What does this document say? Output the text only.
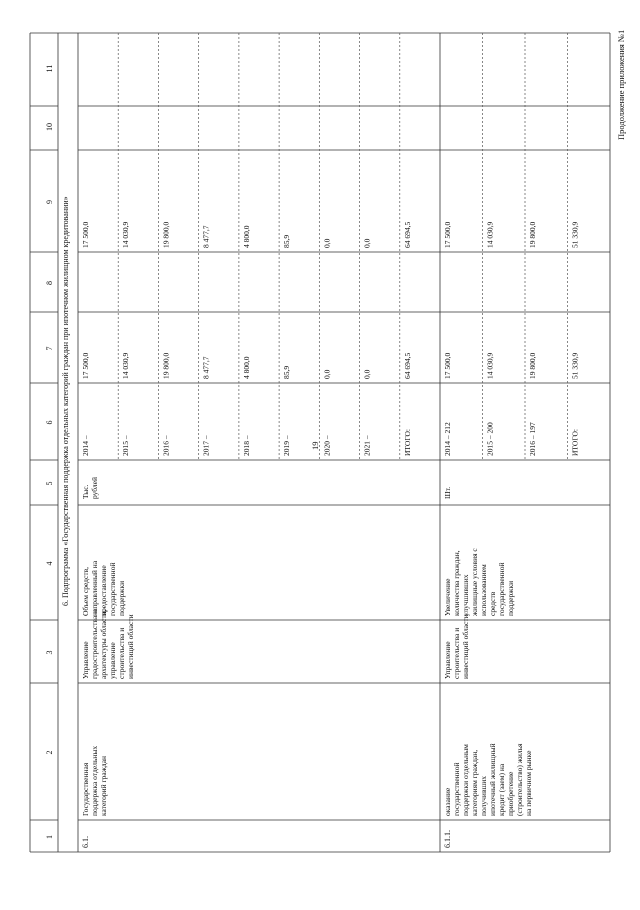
Продолжение приложения №1
19
6. Подпрограмма «Государственная поддержка отдельных категорий граждан при ипотечном жилищном кредитовании»
1
2
3
4
5
6
7
8
9
10
11
6.1.
Государственная поддержка отдельных категорий граждан
Управление градостроительства и архитектуры области, управление строительства и инвестиций области
Объем средств, направленный на предоставление государственной поддержки
Тыс. рублей
2014 –
17 500,0
17 500,0
2015 –
14 030,9
14 030,9
2016 –
19 800,0
19 800,0
2017 –
8 477,7
8 477,7
2018 –
4 800,0
4 800,0
2019 –
85,9
85,9
2020 –
0,0
0,0
2021 –
0,0
0,0
ИТОГО:
64 694,5
64 694,5
6.1.1.
оказание государственной поддержки отдельным категориям граждан, получивших ипотечный жилищный кредит (заем) на приобретение (строительство) жилья на первичном рынке
Управление строительства и инвестиций области
Увеличение количества граждан, улучшивших жилищные условия с использованием средств государственной поддержки
Шт.
2014 – 212
17 500,0
17 500,0
2015 – 200
14 030,9
14 030,9
2016 – 197
19 800,0
19 800,0
ИТОГО:
51 330,9
51 330,9
